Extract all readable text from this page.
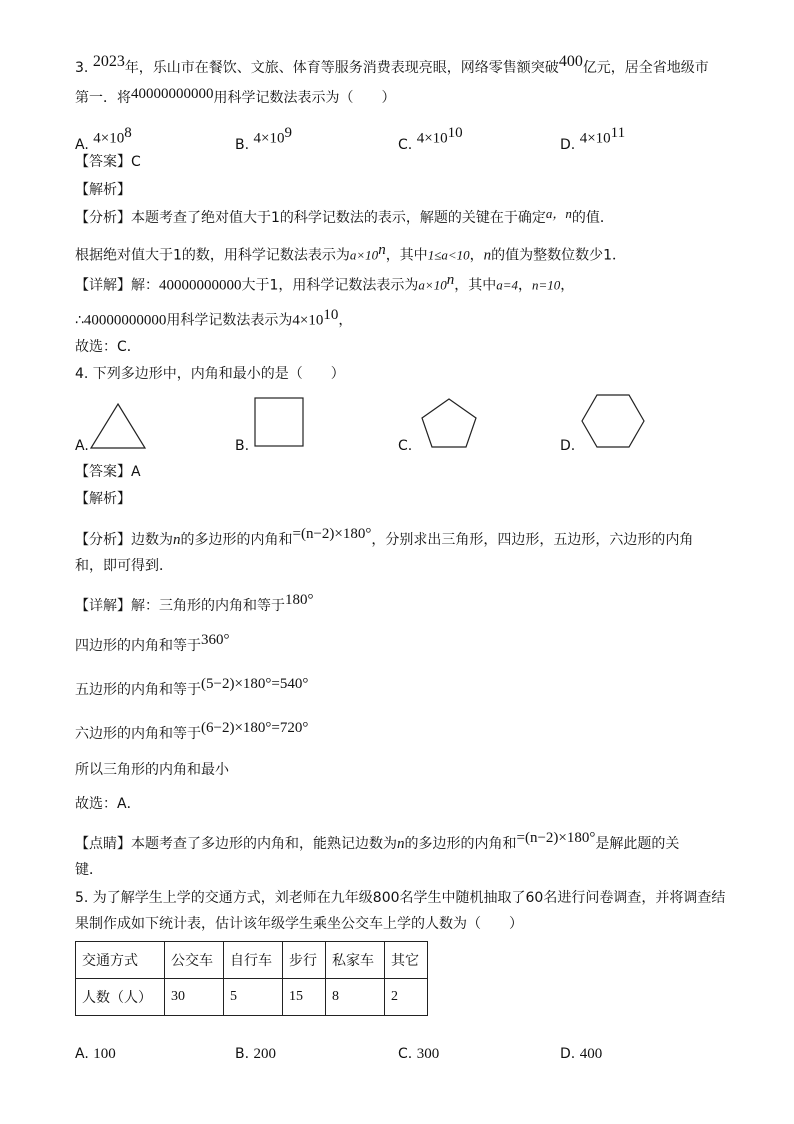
3. 2023年，乐山市在餐饮、文旅、体育等服务消费表现亮眼，网络零售额突破400亿元，居全省地级市
第一．将40000000000用科学记数法表示为（　　）
A. $4\times 10^8$
B. $4\times 10^9$
C. $4\times 10^{10}$
D. $4\times 10^{11}$
【答案】C
【解析】
【分析】本题考查了绝对值大于1的科学记数法的表示，解题的关键在于确定a，n的值．
根据绝对值大于1的数，用科学记数法表示为$a\times 10^n$，其中1≤a<10，n的值为整数位数少1．
【详解】解：40000000000大于1，用科学记数法表示为$a\times 10^n$，其中a=4，n=10，
∴40000000000用科学记数法表示为$4\times 10^{10}$，
故选：C．
4. 下列多边形中，内角和最小的是（　　）
A.	B.	C.	D.
【答案】A
【解析】
【分析】边数为n的多边形的内角和=(n−2)×180°，分别求出三角形，四边形，五边形，六边形的内角
和，即可得到．
【详解】解：三角形的内角和等于180°
四边形的内角和等于360°
五边形的内角和等于(5−2)×180°=540°
六边形的内角和等于(6−2)×180°=720°
所以三角形的内角和最小
故选：A．
【点睛】本题考查了多边形的内角和，能熟记边数为n的多边形的内角和=(n−2)×180°是解此题的关
键．
5. 为了解学生上学的交通方式，刘老师在九年级800名学生中随机抽取了60名进行问卷调查，并将调查结
果制作成如下统计表，估计该年级学生乘坐公交车上学的人数为（　　）
交通方式	公交车	自行车	步行	私家车	其它
人数（人）	30	5	15	8	2
A. 100	B. 200	C. 300	D. 400
